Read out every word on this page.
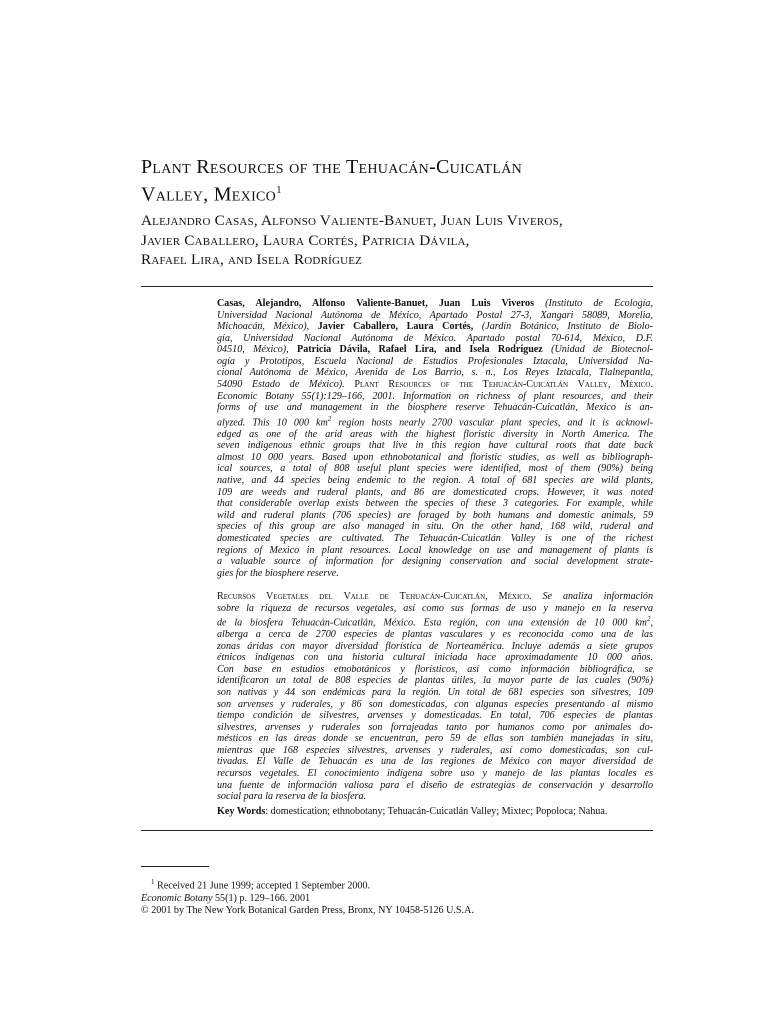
Plant Resources of the Tehuacán-Cuicatlán
Valley, Mexico$^1$
Alejandro Casas, Alfonso Valiente-Banuet, Juan Luis Viveros,
Javier Caballero, Laura Cortés, Patricia Dávila,
Rafael Lira, and Isela Rodríguez
Casas, Alejandro, Alfonso Valiente-Banuet, Juan Luis Viveros (Instituto de Ecología,
Universidad Nacional Autónoma de México, Apartado Postal 27-3, Xangari 58089, Morelia,
Michoacán, México), Javier Caballero, Laura Cortés, (Jardín Botánico, Instituto de Biolo-
gía, Universidad Nacional Autónoma de México. Apartado postal 70-614, México, D.F.
04510, México), Patricia Dávila, Rafael Lira, and Isela Rodríguez (Unidad de Biotecnol-
ogía y Prototipos, Escuela Nacional de Estudios Profesionales Iztacala, Universidad Na-
cional Autónoma de México, Avenida de Los Barrio, s. n., Los Reyes Iztacala, Tlalnepantla,
54090 Estado de México). Plant Resources of the Tehuacán-Cuicatlán Valley, México.
Economic Botany 55(1):129–166, 2001. Information on richness of plant resources, and their
forms of use and management in the biosphere reserve Tehuacán-Cuicatlán, Mexico is an-
alyzed. This 10 000 $km^2$ region hosts nearly 2700 vascular plant species, and it is acknowl-
edged as one of the arid areas with the highest floristic diversity in North America. The
seven indigenous ethnic groups that live in this region have cultural roots that date back
almost 10 000 years. Based upon ethnobotanical and floristic studies, as well as bibliograph-
ical sources, a total of 808 useful plant species were identified, most of them (90%) being
native, and 44 species being endemic to the region. A total of 681 species are wild plants,
109 are weeds and ruderal plants, and 86 are domesticated crops. However, it was noted
that considerable overlap exists between the species of these 3 categories. For example, while
wild and ruderal plants (706 species) are foraged by both humans and domestic animals, 59
species of this group are also managed in situ. On the other hand, 168 wild, ruderal and
domesticated species are cultivated. The Tehuacán-Cuicatlán Valley is one of the richest
regions of Mexico in plant resources. Local knowledge on use and management of plants is
a valuable source of information for designing conservation and social development strate-
gies for the biosphere reserve.
Recursos Vegetales del Valle de Tehuacán-Cuicatlán, México. Se analiza información
sobre la riqueza de recursos vegetales, así como sus formas de uso y manejo en la reserva
de la biosfera Tehuacán-Cuicatlán, México. Esta región, con una extensión de 10 000 $km^2$,
alberga a cerca de 2700 especies de plantas vasculares y es reconocida como una de las
zonas áridas con mayor diversidad florística de Norteamérica. Incluye además a siete grupos
étnicos indígenas con una historia cultural iniciada hace aproximadamente 10 000 años.
Con base en estudios etnobotánicos y florísticos, así como información bibliográfica, se
identificaron un total de 808 especies de plantas útiles, la mayor parte de las cuales (90%)
son nativas y 44 son endémicas para la región. Un total de 681 especies son silvestres, 109
son arvenses y ruderales, y 86 son domesticadas, con algunas especies presentando al mismo
tiempo condición de silvestres, arvenses y domesticadas. En total, 706 especies de plantas
silvestres, arvenses y ruderales son forrajeadas tanto por humanos como por animales do-
mésticos en las áreas donde se encuentran, pero 59 de ellas son también manejadas in situ,
mientras que 168 especies silvestres, arvenses y ruderales, así como domesticadas, son cul-
tivadas. El Valle de Tehuacán es una de las regiones de México con mayor diversidad de
recursos vegetales. El conocimiento indígena sobre uso y manejo de las plantas locales es
una fuente de información valiosa para el diseño de estrategias de conservación y desarrollo
social para la reserva de la biosfera.
Key Words: domestication; ethnobotany; Tehuacán-Cuicatlán Valley; Mixtec; Popoloca; Nahua.
$^1$ Received 21 June 1999; accepted 1 September 2000.
Economic Botany 55(1) p. 129–166. 2001
© 2001 by The New York Botanical Garden Press, Bronx, NY 10458-5126 U.S.A.
